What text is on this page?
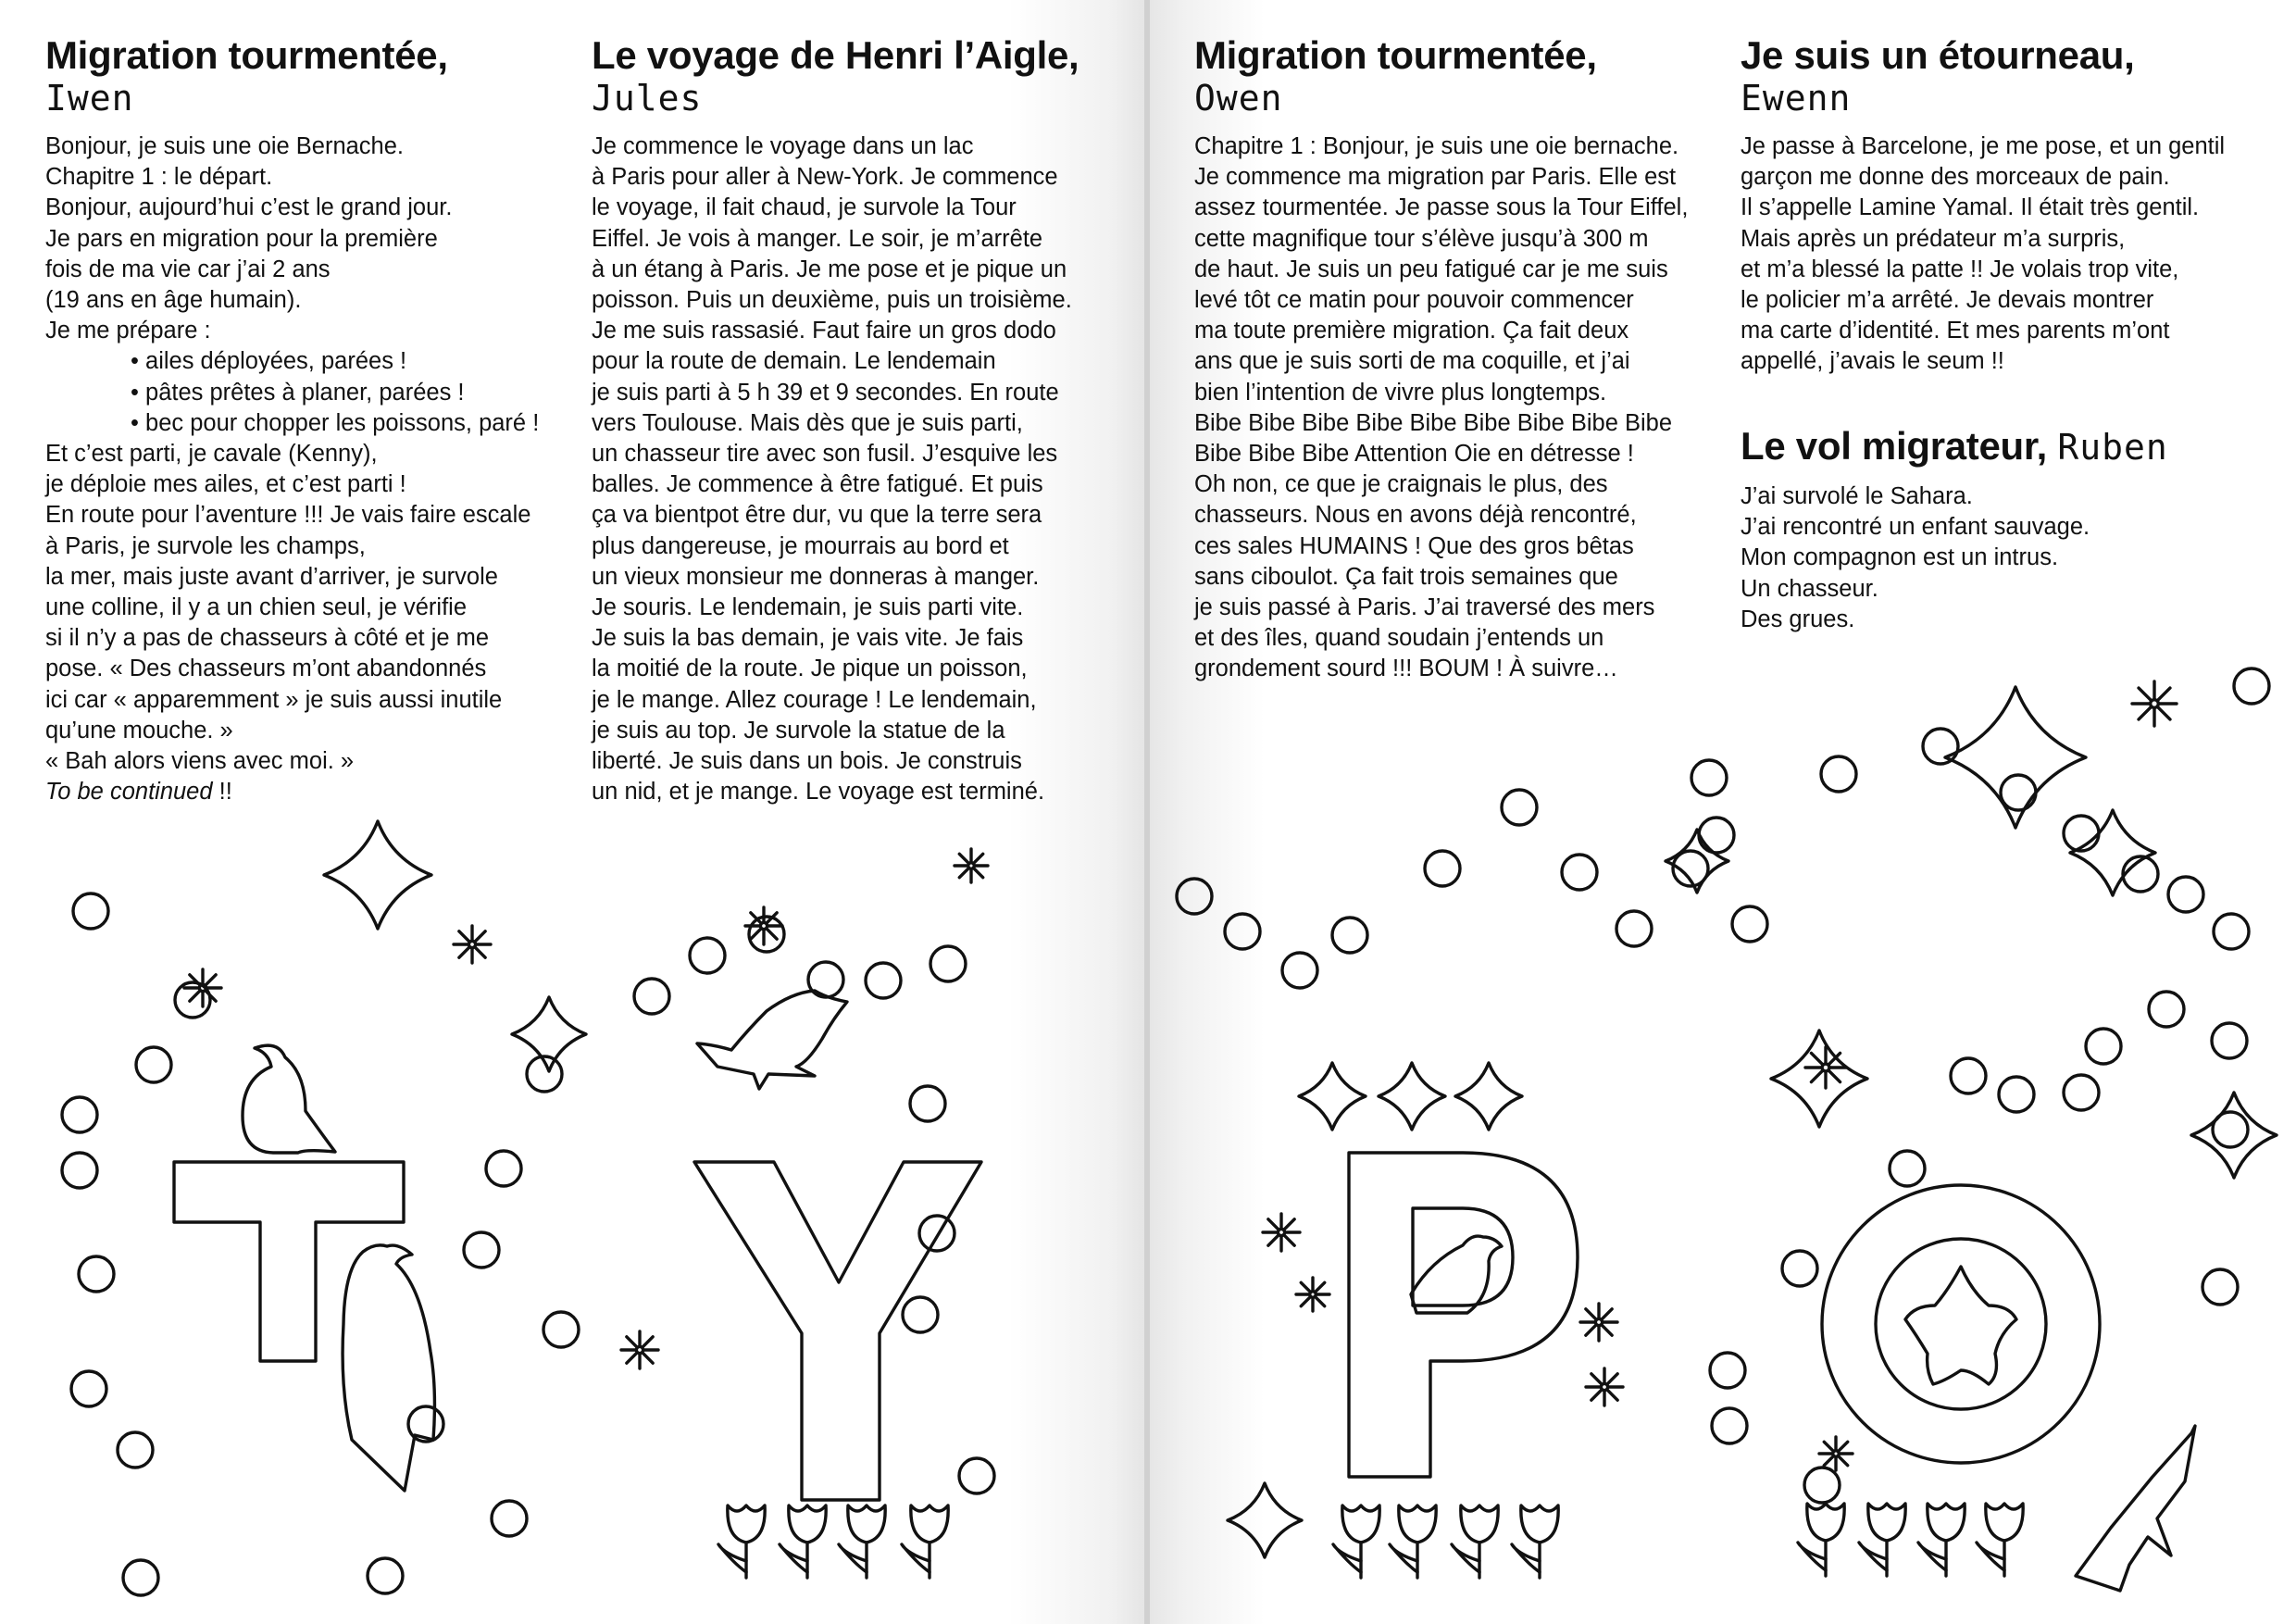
Migration tourmentée,
Iwen
Bonjour, je suis une oie Bernache.
Chapitre 1 : le départ.
Bonjour, aujourd’hui c’est le grand jour.
Je pars en migration pour la première
fois de ma vie car j’ai 2 ans
(19 ans en âge humain).
Je me prépare :
• ailes déployées, parées !
• pâtes prêtes à planer, parées !
• bec pour chopper les poissons, paré !
Et c’est parti, je cavale (Kenny),
je déploie mes ailes, et c’est parti !
En route pour l’aventure !!! Je vais faire escale
à Paris, je survole les champs,
la mer, mais juste avant d’arriver, je survole
une colline, il y a un chien seul, je vérifie
si il n’y a pas de chasseurs à côté et je me
pose. « Des chasseurs m’ont abandonnés
ici car « apparemment » je suis aussi inutile
qu’une mouche. »
« Bah alors viens avec moi. »
To be continued !!
Le voyage de Henri l’Aigle,
Jules
Je commence le voyage dans un lac
à Paris pour aller à New-York. Je commence
le voyage, il fait chaud, je survole la Tour
Eiffel. Je vois à manger. Le soir, je m’arrête
à un étang à Paris. Je me pose et je pique un
poisson. Puis un deuxième, puis un troisième.
Je me suis rassasié. Faut faire un gros dodo
pour la route de demain. Le lendemain
je suis parti à 5 h 39 et 9 secondes. En route
vers Toulouse. Mais dès que je suis parti,
un chasseur tire avec son fusil. J’esquive les
balles. Je commence à être fatigué. Et puis
ça va bientpot être dur, vu que la terre sera
plus dangereuse, je mourrais au bord et
un vieux monsieur me donneras à manger.
Je souris. Le lendemain, je suis parti vite.
Je suis la bas demain, je vais vite. Je fais
la moitié de la route. Je pique un poisson,
je le mange. Allez courage ! Le lendemain,
je suis au top. Je survole la statue de la
liberté. Je suis dans un bois. Je construis
un nid, et je mange. Le voyage est terminé.
Migration tourmentée,
Owen
Chapitre 1 : Bonjour, je suis une oie bernache.
Je commence ma migration par Paris. Elle est
assez tourmentée. Je passe sous la Tour Eiffel,
cette magnifique tour s’élève jusqu’à 300 m
de haut. Je suis un peu fatigué car je me suis
levé tôt ce matin pour pouvoir commencer
ma toute première migration. Ça fait deux
ans que je suis sorti de ma coquille, et j’ai
bien l’intention de vivre plus longtemps.
Bibe Bibe Bibe Bibe Bibe Bibe Bibe Bibe Bibe
Bibe Bibe Bibe Attention Oie en détresse !
Oh non, ce que je craignais le plus, des
chasseurs. Nous en avons déjà rencontré,
ces sales HUMAINS ! Que des gros bêtas
sans ciboulot. Ça fait trois semaines que
je suis passé à Paris. J’ai traversé des mers
et des îles, quand soudain j’entends un
grondement sourd !!! BOUM ! À suivre…
Je suis un étourneau,
Ewenn
Je passe à Barcelone, je me pose, et un gentil
garçon me donne des morceaux de pain.
Il s’appelle Lamine Yamal. Il était très gentil.
Mais après un prédateur m’a surpris,
et m’a blessé la patte !! Je volais trop vite,
le policier m’a arrêté. Je devais montrer
ma carte d’identité. Et mes parents m’ont
appellé, j’avais le seum !!
Le vol migrateur, Ruben
J’ai survolé le Sahara.
J’ai rencontré un enfant sauvage.
Mon compagnon est un intrus.
Un chasseur.
Des grues.
